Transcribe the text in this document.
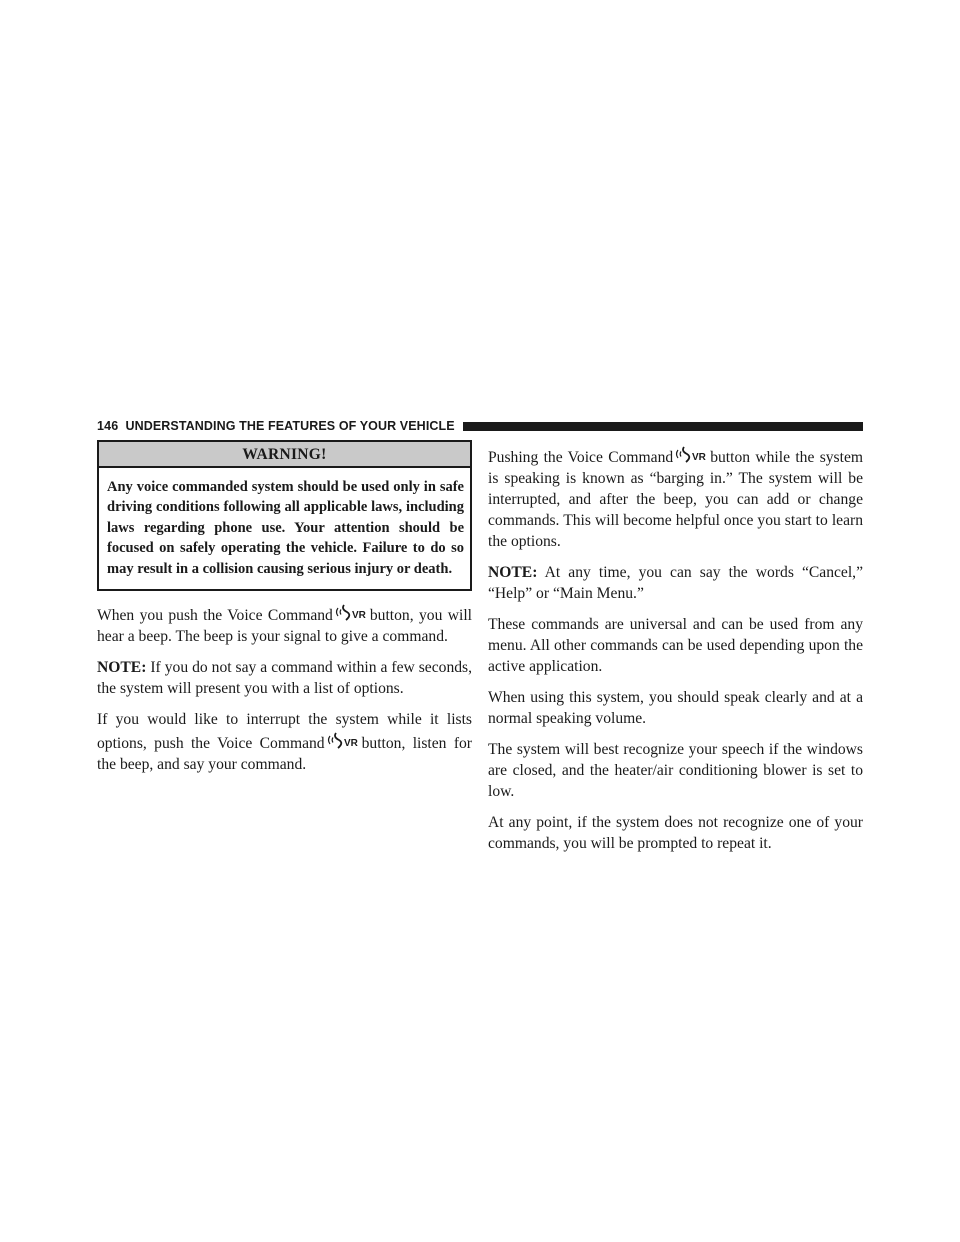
146 UNDERSTANDING THE FEATURES OF YOUR VEHICLE
WARNING!
Any voice commanded system should be used only in safe driving conditions following all applicable laws, including laws regarding phone use. Your attention should be focused on safely operating the vehicle. Failure to do so may result in a collision causing serious injury or death.

When you push the Voice Command VR button, you will hear a beep. The beep is your signal to give a command.

NOTE: If you do not say a command within a few seconds, the system will present you with a list of options.

If you would like to interrupt the system while it lists options, push the Voice Command VR button, listen for the beep, and say your command.

Pushing the Voice Command VR button while the system is speaking is known as “barging in.” The system will be interrupted, and after the beep, you can add or change commands. This will become helpful once you start to learn the options.

NOTE: At any time, you can say the words “Cancel,” “Help” or “Main Menu.”

These commands are universal and can be used from any menu. All other commands can be used depending upon the active application.

When using this system, you should speak clearly and at a normal speaking volume.

The system will best recognize your speech if the windows are closed, and the heater/air conditioning blower is set to low.

At any point, if the system does not recognize one of your commands, you will be prompted to repeat it.
